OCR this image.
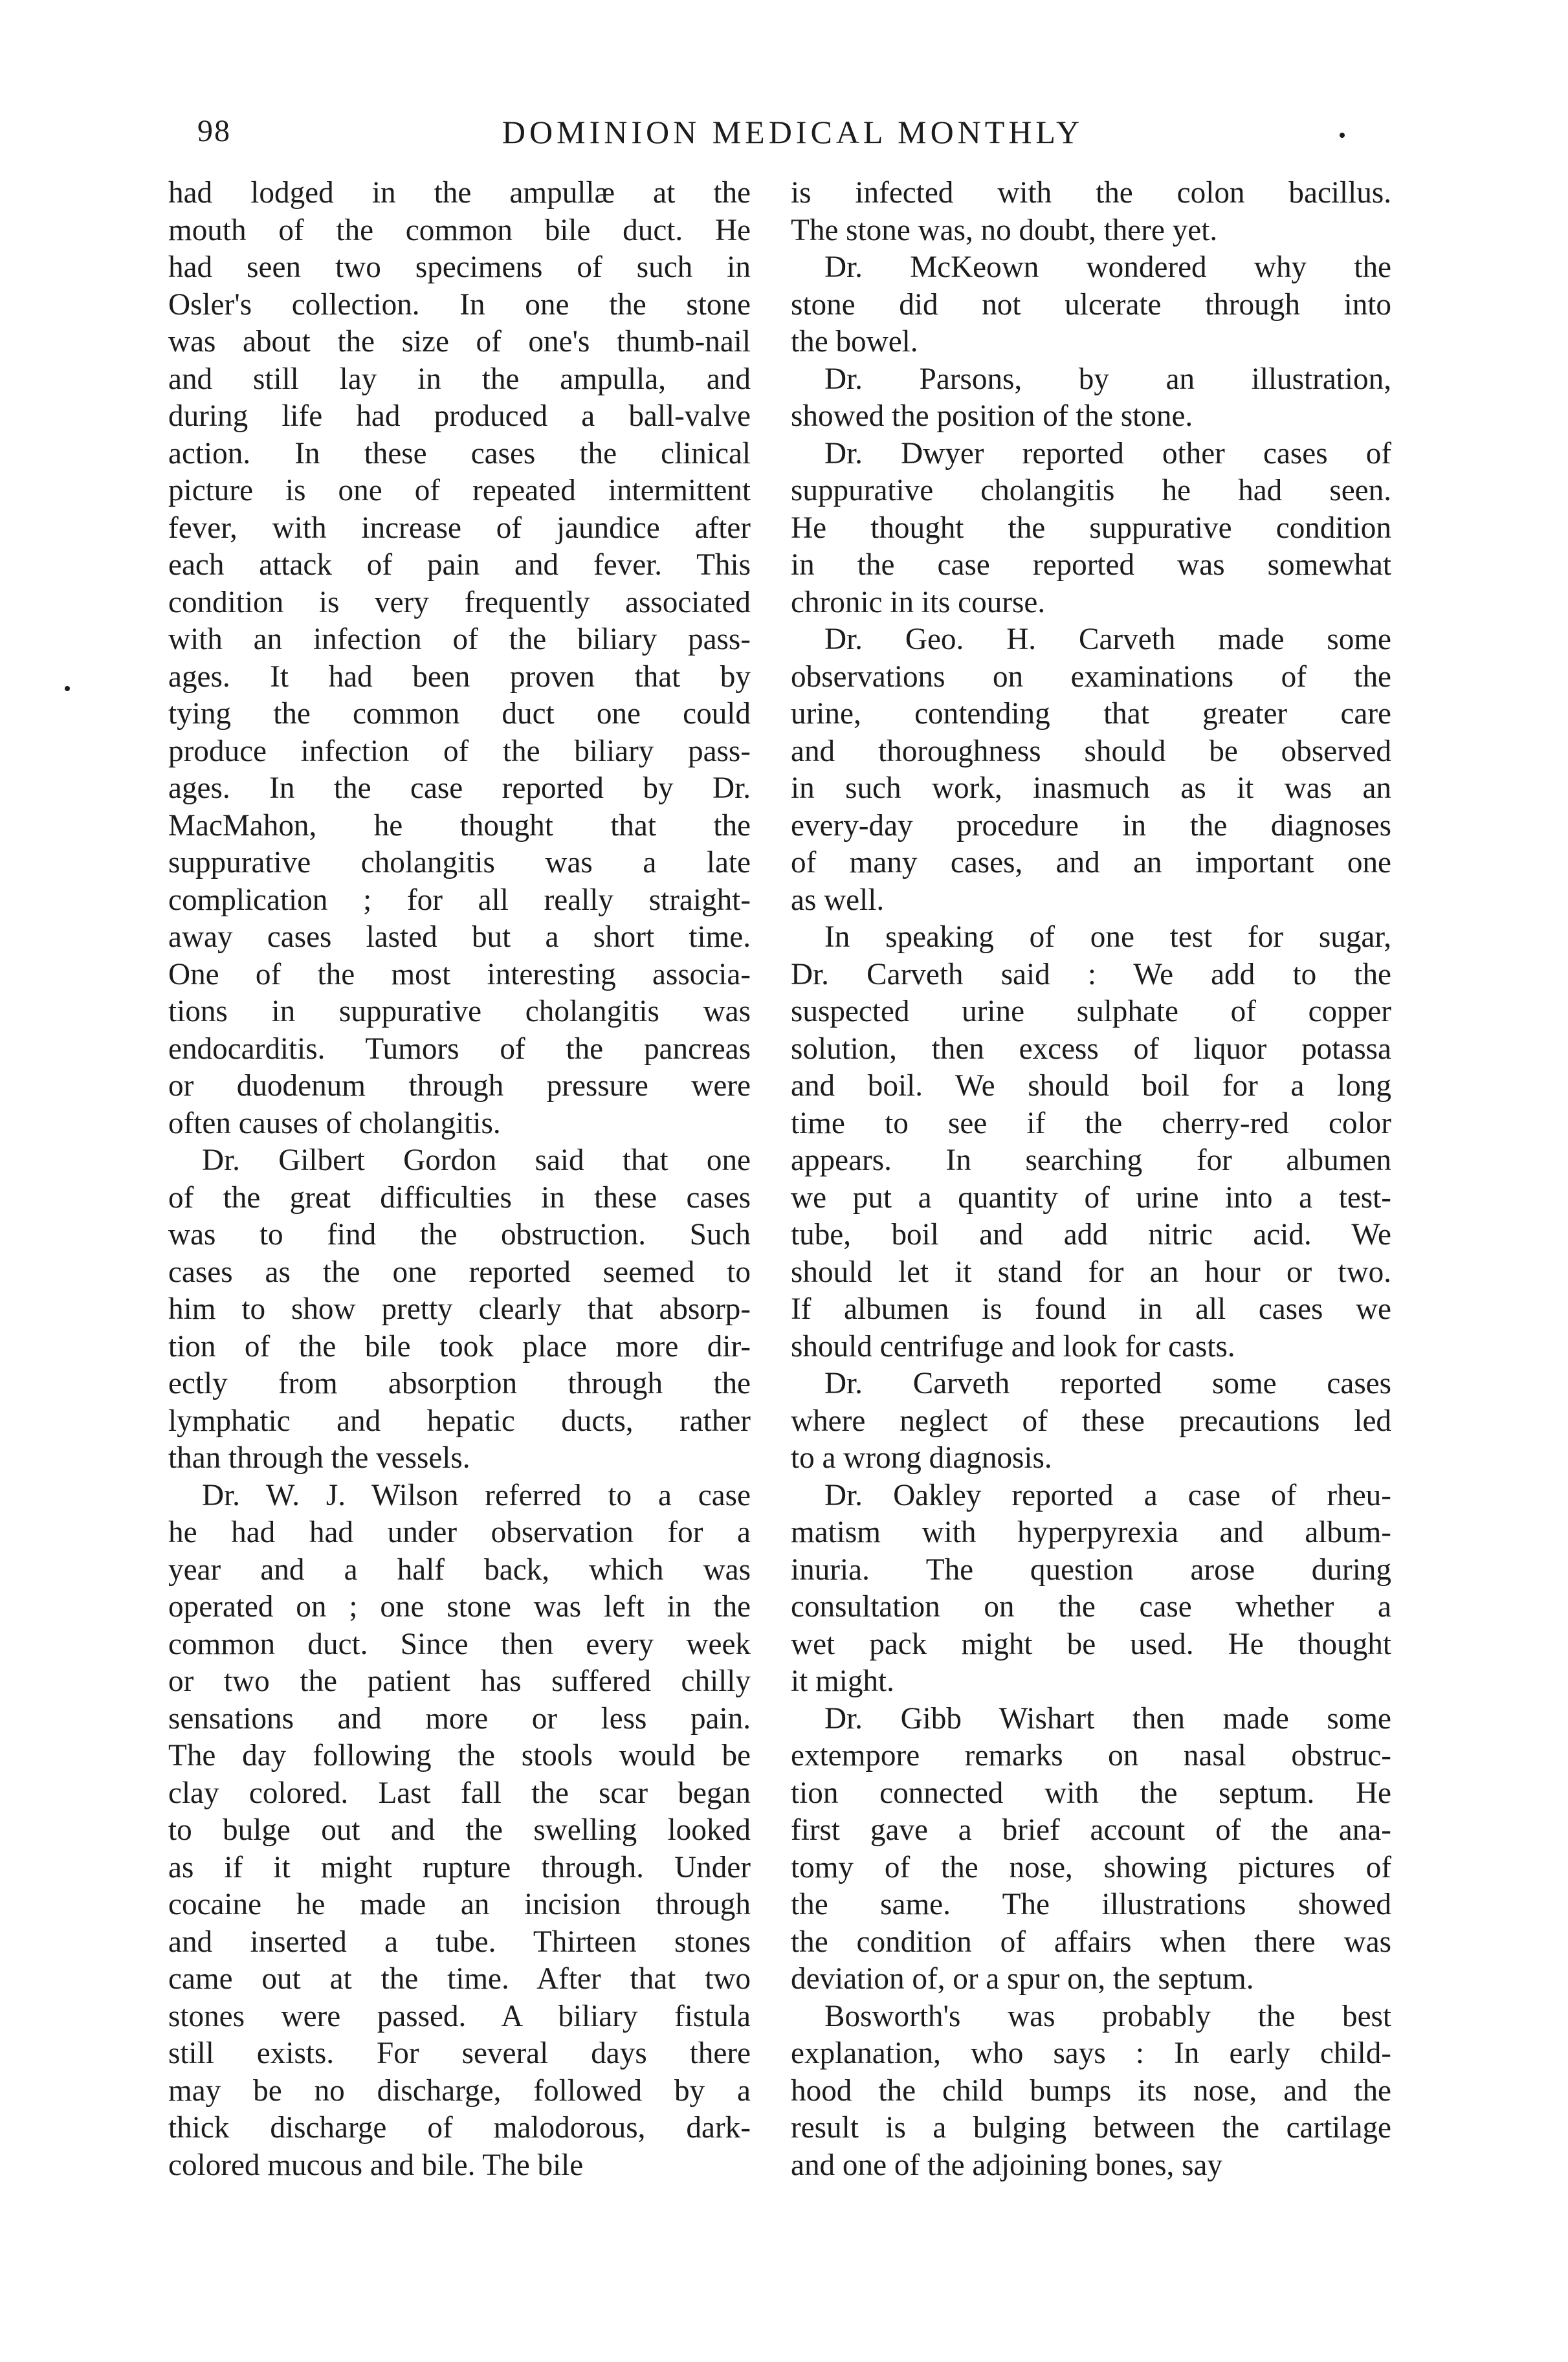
98	DOMINION MEDICAL MONTHLY
had lodged in the ampullæ at the
mouth of the common bile duct. He
had seen two specimens of such in
Osler's collection. In one the stone
was about the size of one's thumb-nail
and still lay in the ampulla, and
during life had produced a ball-valve
action. In these cases the clinical
picture is one of repeated intermittent
fever, with increase of jaundice after
each attack of pain and fever. This
condition is very frequently associated
with an infection of the biliary pass-
ages. It had been proven that by
tying the common duct one could
produce infection of the biliary pass-
ages. In the case reported by Dr.
MacMahon, he thought that the
suppurative cholangitis was a late
complication ; for all really straight-
away cases lasted but a short time.
One of the most interesting associa-
tions in suppurative cholangitis was
endocarditis. Tumors of the pancreas
or duodenum through pressure were
often causes of cholangitis.
Dr. Gilbert Gordon said that one
of the great difficulties in these cases
was to find the obstruction. Such
cases as the one reported seemed to
him to show pretty clearly that absorp-
tion of the bile took place more dir-
ectly from absorption through the
lymphatic and hepatic ducts, rather
than through the vessels.
Dr. W. J. Wilson referred to a case
he had had under observation for a
year and a half back, which was
operated on ; one stone was left in the
common duct. Since then every week
or two the patient has suffered chilly
sensations and more or less pain.
The day following the stools would be
clay colored. Last fall the scar began
to bulge out and the swelling looked
as if it might rupture through. Under
cocaine he made an incision through
and inserted a tube. Thirteen stones
came out at the time. After that two
stones were passed. A biliary fistula
still exists. For several days there
may be no discharge, followed by a
thick discharge of malodorous, dark-
colored mucous and bile. The bile
is infected with the colon bacillus.
The stone was, no doubt, there yet.
Dr. McKeown wondered why the
stone did not ulcerate through into
the bowel.
Dr. Parsons, by an illustration,
showed the position of the stone.
Dr. Dwyer reported other cases of
suppurative cholangitis he had seen.
He thought the suppurative condition
in the case reported was somewhat
chronic in its course.
Dr. Geo. H. Carveth made some
observations on examinations of the
urine, contending that greater care
and thoroughness should be observed
in such work, inasmuch as it was an
every-day procedure in the diagnoses
of many cases, and an important one
as well.
In speaking of one test for sugar,
Dr. Carveth said : We add to the
suspected urine sulphate of copper
solution, then excess of liquor potassa
and boil. We should boil for a long
time to see if the cherry-red color
appears. In searching for albumen
we put a quantity of urine into a test-
tube, boil and add nitric acid. We
should let it stand for an hour or two.
If albumen is found in all cases we
should centrifuge and look for casts.
Dr. Carveth reported some cases
where neglect of these precautions led
to a wrong diagnosis.
Dr. Oakley reported a case of rheu-
matism with hyperpyrexia and album-
inuria. The question arose during
consultation on the case whether a
wet pack might be used. He thought
it might.
Dr. Gibb Wishart then made some
extempore remarks on nasal obstruc-
tion connected with the septum. He
first gave a brief account of the ana-
tomy of the nose, showing pictures of
the same. The illustrations showed
the condition of affairs when there was
deviation of, or a spur on, the septum.
Bosworth's was probably the best
explanation, who says : In early child-
hood the child bumps its nose, and the
result is a bulging between the cartilage
and one of the adjoining bones, say
